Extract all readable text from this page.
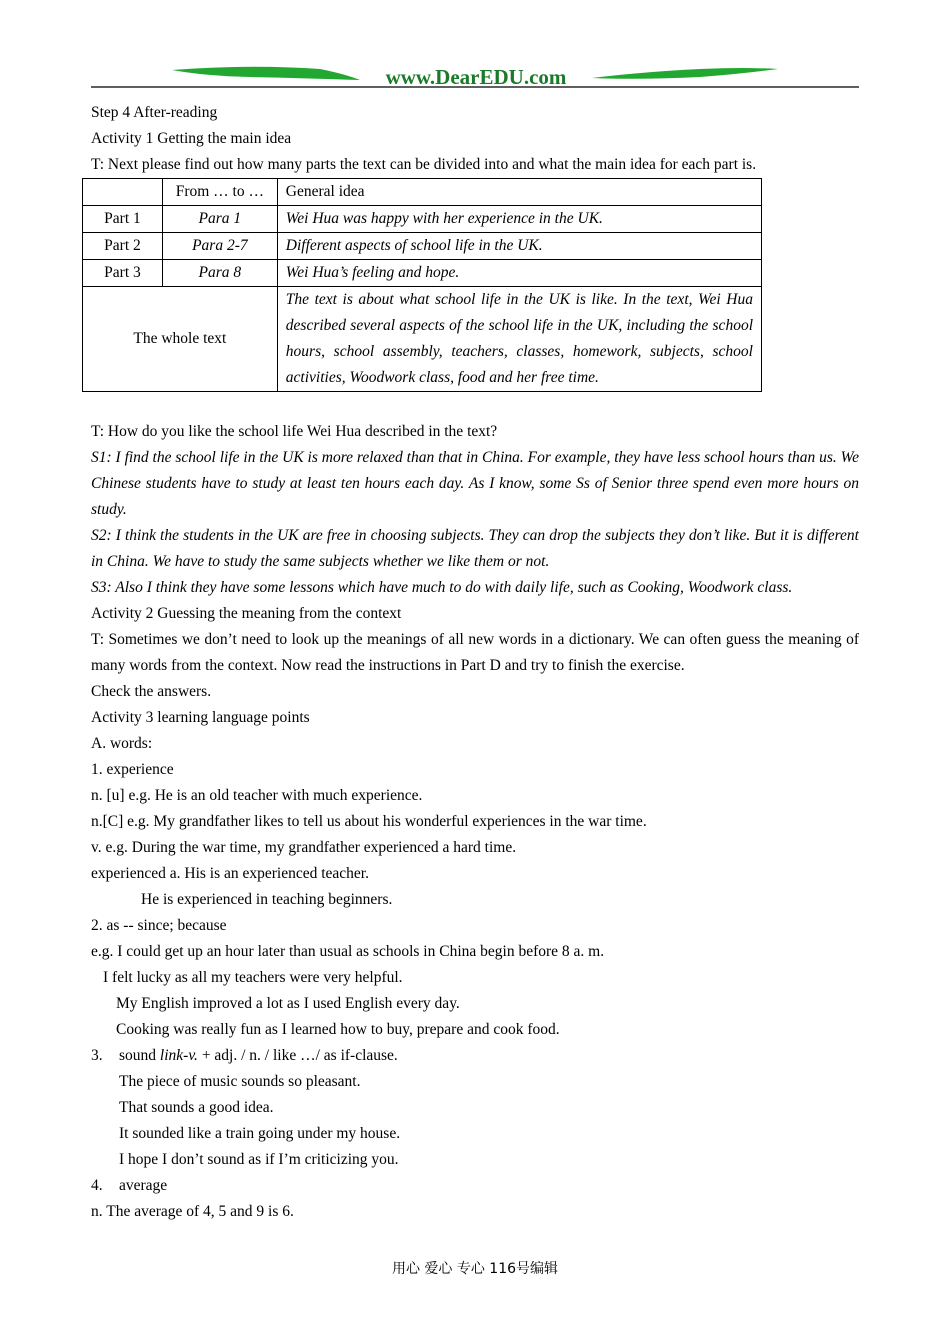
www.DearEDU.com

Step 4 After-reading

Activity 1 Getting the main idea

T: Next please find out how many parts the text can be divided into and what the main idea for each part is.

	From … to …	General idea
Part 1	Para 1	Wei Hua was happy with her experience in the UK.
Part 2	Para 2-7	Different aspects of school life in the UK.
Part 3	Para 8	Wei Hua’s feeling and hope.
The whole text		The text is about what school life in the UK is like. In the text, Wei Hua described several aspects of the school life in the UK, including the school hours, school assembly, teachers, classes, homework, subjects, school activities, Woodwork class, food and her free time.

T: How do you like the school life Wei Hua described in the text?

S1: I find the school life in the UK is more relaxed than that in China. For example, they have less school hours than us. We Chinese students have to study at least ten hours each day. As I know, some Ss of Senior three spend even more hours on study.

S2: I think the students in the UK are free in choosing subjects. They can drop the subjects they don’t like. But it is different in China. We have to study the same subjects whether we like them or not.

S3: Also I think they have some lessons which have much to do with daily life, such as Cooking, Woodwork class.

Activity 2 Guessing the meaning from the context

T: Sometimes we don’t need to look up the meanings of all new words in a dictionary. We can often guess the meaning of many words from the context. Now read the instructions in Part D and try to finish the exercise.

Check the answers.

Activity 3 learning language points

A. words:

1. experience

n. [u] e.g. He is an old teacher with much experience.

n.[C] e.g. My grandfather likes to tell us about his wonderful experiences in the war time.

v. e.g. During the war time, my grandfather experienced a hard time.

experienced a. His is an experienced teacher.

He is experienced in teaching beginners.

2. as -- since; because

e.g. I could get up an hour later than usual as schools in China begin before 8 a. m.

I felt lucky as all my teachers were very helpful.

My English improved a lot as I used English every day.

Cooking was really fun as I learned how to buy, prepare and cook food.

3. sound link-v. + adj. / n. / like …/ as if-clause.

The piece of music sounds so pleasant.

That sounds a good idea.

It sounded like a train going under my house.

I hope I don’t sound as if I’m criticizing you.

4. average

n. The average of 4, 5 and 9 is 6.

用心 爱心 专心 116号编辑
